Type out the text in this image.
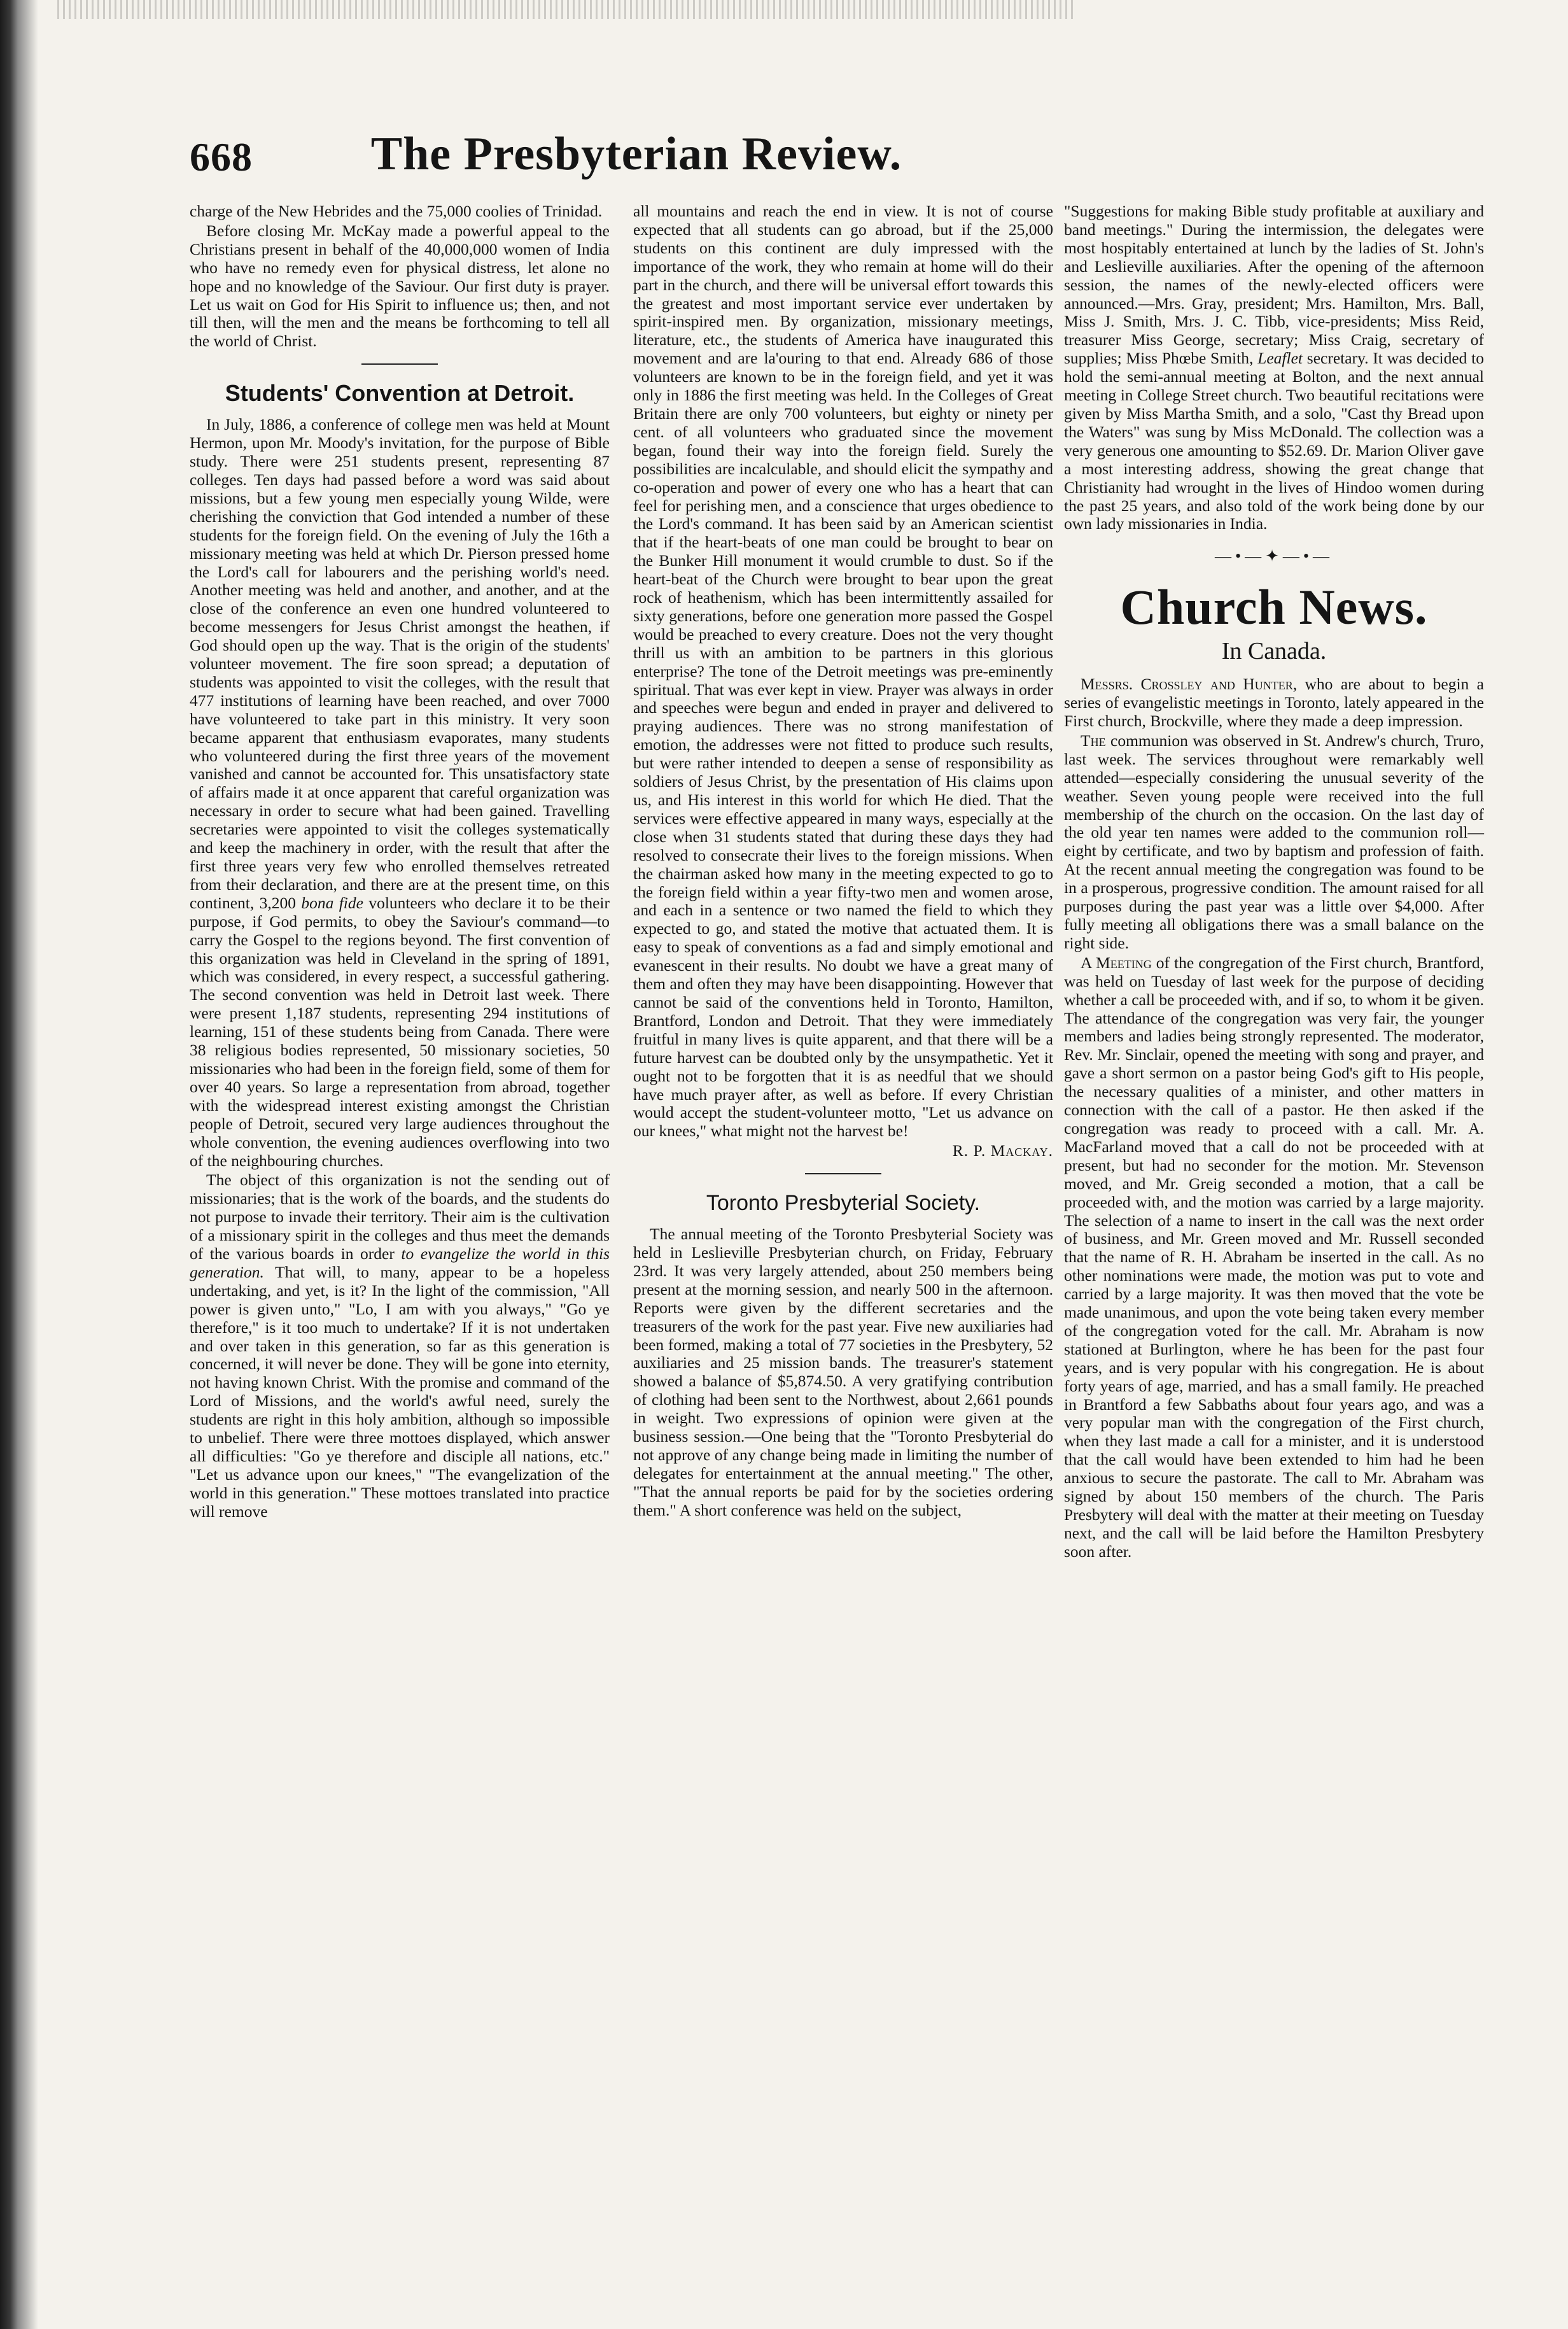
668	The Presbyterian Review.

charge of the New Hebrides and the 75,000 coolies of Trinidad.

Before closing Mr. McKay made a powerful appeal to the Christians present in behalf of the 40,000,000 women of India who have no remedy even for physical distress, let alone no hope and no knowledge of the Saviour. Our first duty is prayer. Let us wait on God for His Spirit to influence us; then, and not till then, will the men and the means be forthcoming to tell all the world of Christ.

Students' Convention at Detroit.

In July, 1886, a conference of college men was held at Mount Hermon, upon Mr. Moody's invitation, for the purpose of Bible study. There were 251 students present, representing 87 colleges. Ten days had passed before a word was said about missions, but a few young men especially young Wilde, were cherishing the conviction that God intended a number of these students for the foreign field. On the evening of July the 16th a missionary meeting was held at which Dr. Pierson pressed home the Lord's call for labourers and the perishing world's need. Another meeting was held and another, and another, and at the close of the conference an even one hundred volunteered to become messengers for Jesus Christ amongst the heathen, if God should open up the way. That is the origin of the students' volunteer movement. The fire soon spread; a deputation of students was appointed to visit the colleges, with the result that 477 institutions of learning have been reached, and over 7000 have volunteered to take part in this ministry. It very soon became apparent that enthusiasm evaporates, many students who volunteered during the first three years of the movement vanished and cannot be accounted for. This unsatisfactory state of affairs made it at once apparent that careful organization was necessary in order to secure what had been gained. Travelling secretaries were appointed to visit the colleges systematically and keep the machinery in order, with the result that after the first three years very few who enrolled themselves retreated from their declaration, and there are at the present time, on this continent, 3,200 bona fide volunteers who declare it to be their purpose, if God permits, to obey the Saviour's command—to carry the Gospel to the regions beyond. The first convention of this organization was held in Cleveland in the spring of 1891, which was considered, in every respect, a successful gathering. The second convention was held in Detroit last week. There were present 1,187 students, representing 294 institutions of learning, 151 of these students being from Canada. There were 38 religious bodies represented, 50 missionary societies, 50 missionaries who had been in the foreign field, some of them for over 40 years. So large a representation from abroad, together with the widespread interest existing amongst the Christian people of Detroit, secured very large audiences throughout the whole convention, the evening audiences overflowing into two of the neighbouring churches.

The object of this organization is not the sending out of missionaries; that is the work of the boards, and the students do not purpose to invade their territory. Their aim is the cultivation of a missionary spirit in the colleges and thus meet the demands of the various boards in order to evangelize the world in this generation. That will, to many, appear to be a hopeless undertaking, and yet, is it? In the light of the commission, "All power is given unto," "Lo, I am with you always," "Go ye therefore," is it too much to undertake? If it is not undertaken and over taken in this generation, so far as this generation is concerned, it will never be done. They will be gone into eternity, not having known Christ. With the promise and command of the Lord of Missions, and the world's awful need, surely the students are right in this holy ambition, although so impossible to unbelief. There were three mottoes displayed, which answer all difficulties: "Go ye therefore and disciple all nations, etc." "Let us advance upon our knees," "The evangelization of the world in this generation." These mottoes translated into practice will remove

all mountains and reach the end in view. It is not of course expected that all students can go abroad, but if the 25,000 students on this continent are duly impressed with the importance of the work, they who remain at home will do their part in the church, and there will be universal effort towards this the greatest and most important service ever undertaken by spirit-inspired men. By organization, missionary meetings, literature, etc., the students of America have inaugurated this movement and are la'ouring to that end. Already 686 of those volunteers are known to be in the foreign field, and yet it was only in 1886 the first meeting was held. In the Colleges of Great Britain there are only 700 volunteers, but eighty or ninety per cent. of all volunteers who graduated since the movement began, found their way into the foreign field. Surely the possibilities are incalculable, and should elicit the sympathy and co-operation and power of every one who has a heart that can feel for perishing men, and a conscience that urges obedience to the Lord's command. It has been said by an American scientist that if the heart-beats of one man could be brought to bear on the Bunker Hill monument it would crumble to dust. So if the heart-beat of the Church were brought to bear upon the great rock of heathenism, which has been intermittently assailed for sixty generations, before one generation more passed the Gospel would be preached to every creature. Does not the very thought thrill us with an ambition to be partners in this glorious enterprise? The tone of the Detroit meetings was pre-eminently spiritual. That was ever kept in view. Prayer was always in order and speeches were begun and ended in prayer and delivered to praying audiences. There was no strong manifestation of emotion, the addresses were not fitted to produce such results, but were rather intended to deepen a sense of responsibility as soldiers of Jesus Christ, by the presentation of His claims upon us, and His interest in this world for which He died. That the services were effective appeared in many ways, especially at the close when 31 students stated that during these days they had resolved to consecrate their lives to the foreign missions. When the chairman asked how many in the meeting expected to go to the foreign field within a year fifty-two men and women arose, and each in a sentence or two named the field to which they expected to go, and stated the motive that actuated them. It is easy to speak of conventions as a fad and simply emotional and evanescent in their results. No doubt we have a great many of them and often they may have been disappointing. However that cannot be said of the conventions held in Toronto, Hamilton, Brantford, London and Detroit. That they were immediately fruitful in many lives is quite apparent, and that there will be a future harvest can be doubted only by the unsympathetic. Yet it ought not to be forgotten that it is as needful that we should have much prayer after, as well as before. If every Christian would accept the student-volunteer motto, "Let us advance on our knees," what might not the harvest be!

R. P. Mackay.

Toronto Presbyterial Society.

The annual meeting of the Toronto Presbyterial Society was held in Leslieville Presbyterian church, on Friday, February 23rd. It was very largely attended, about 250 members being present at the morning session, and nearly 500 in the afternoon. Reports were given by the different secretaries and the treasurers of the work for the past year. Five new auxiliaries had been formed, making a total of 77 societies in the Presbytery, 52 auxiliaries and 25 mission bands. The treasurer's statement showed a balance of $5,874.50. A very gratifying contribution of clothing had been sent to the Northwest, about 2,661 pounds in weight. Two expressions of opinion were given at the business session.—One being that the "Toronto Presbyterial do not approve of any change being made in limiting the number of delegates for entertainment at the annual meeting." The other, "That the annual reports be paid for by the societies ordering them." A short conference was held on the subject,

"Suggestions for making Bible study profitable at auxiliary and band meetings." During the intermission, the delegates were most hospitably entertained at lunch by the ladies of St. John's and Leslieville auxiliaries. After the opening of the afternoon session, the names of the newly-elected officers were announced.—Mrs. Gray, president; Mrs. Hamilton, Mrs. Ball, Miss J. Smith, Mrs. J. C. Tibb, vice-presidents; Miss Reid, treasurer Miss George, secretary; Miss Craig, secretary of supplies; Miss Phœbe Smith, Leaflet secretary. It was decided to hold the semi-annual meeting at Bolton, and the next annual meeting in College Street church. Two beautiful recitations were given by Miss Martha Smith, and a solo, "Cast thy Bread upon the Waters" was sung by Miss McDonald. The collection was a very generous one amounting to $52.69. Dr. Marion Oliver gave a most interesting address, showing the great change that Christianity had wrought in the lives of Hindoo women during the past 25 years, and also told of the work being done by our own lady missionaries in India.

—•—✦—•—
Church News.
In Canada.

Messrs. Crossley and Hunter, who are about to begin a series of evangelistic meetings in Toronto, lately appeared in the First church, Brockville, where they made a deep impression.

The communion was observed in St. Andrew's church, Truro, last week. The services throughout were remarkably well attended—especially considering the unusual severity of the weather. Seven young people were received into the full membership of the church on the occasion. On the last day of the old year ten names were added to the communion roll—eight by certificate, and two by baptism and profession of faith. At the recent annual meeting the congregation was found to be in a prosperous, progressive condition. The amount raised for all purposes during the past year was a little over $4,000. After fully meeting all obligations there was a small balance on the right side.

A Meeting of the congregation of the First church, Brantford, was held on Tuesday of last week for the purpose of deciding whether a call be proceeded with, and if so, to whom it be given. The attendance of the congregation was very fair, the younger members and ladies being strongly represented. The moderator, Rev. Mr. Sinclair, opened the meeting with song and prayer, and gave a short sermon on a pastor being God's gift to His people, the necessary qualities of a minister, and other matters in connection with the call of a pastor. He then asked if the congregation was ready to proceed with a call. Mr. A. MacFarland moved that a call do not be proceeded with at present, but had no seconder for the motion. Mr. Stevenson moved, and Mr. Greig seconded a motion, that a call be proceeded with, and the motion was carried by a large majority. The selection of a name to insert in the call was the next order of business, and Mr. Green moved and Mr. Russell seconded that the name of R. H. Abraham be inserted in the call. As no other nominations were made, the motion was put to vote and carried by a large majority. It was then moved that the vote be made unanimous, and upon the vote being taken every member of the congregation voted for the call. Mr. Abraham is now stationed at Burlington, where he has been for the past four years, and is very popular with his congregation. He is about forty years of age, married, and has a small family. He preached in Brantford a few Sabbaths about four years ago, and was a very popular man with the congregation of the First church, when they last made a call for a minister, and it is understood that the call would have been extended to him had he been anxious to secure the pastorate. The call to Mr. Abraham was signed by about 150 members of the church. The Paris Presbytery will deal with the matter at their meeting on Tuesday next, and the call will be laid before the Hamilton Presbytery soon after.
